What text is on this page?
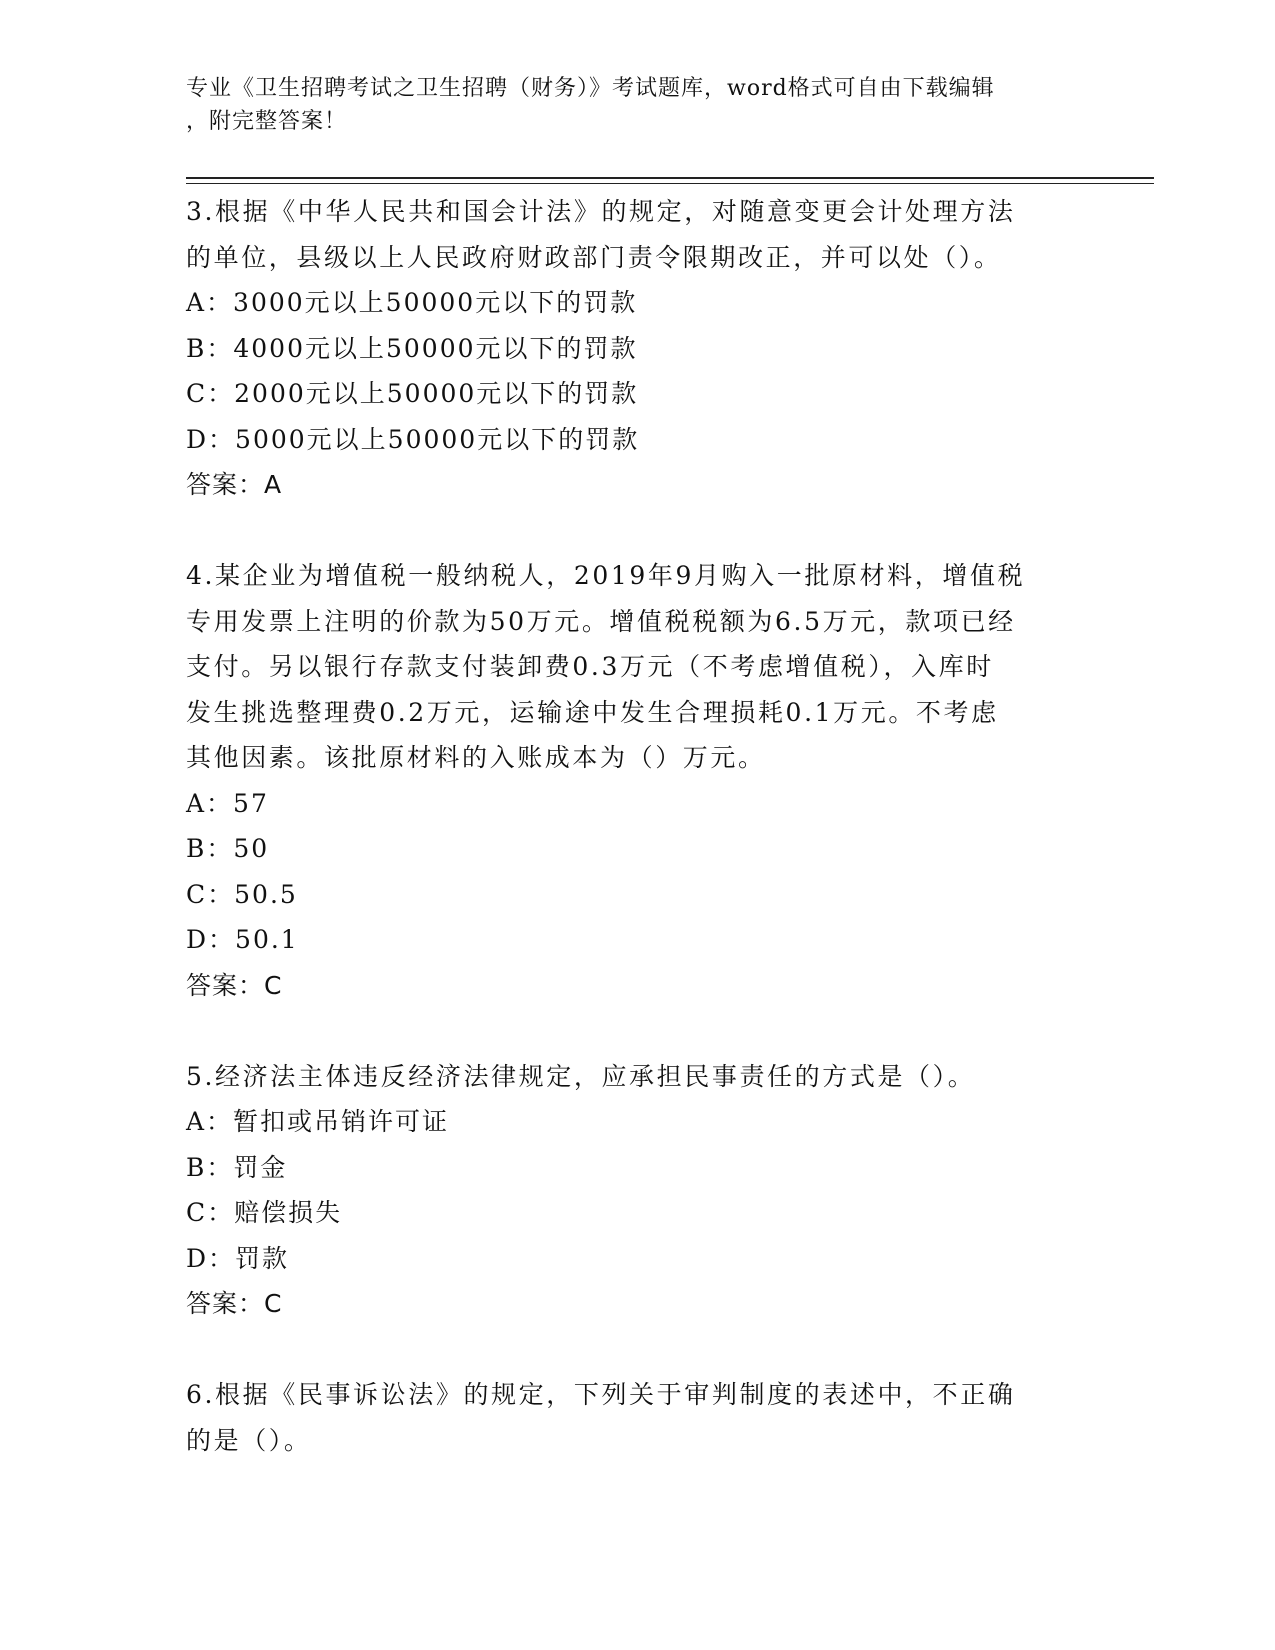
专业《卫生招聘考试之卫生招聘（财务）》考试题库，word格式可自由下载编辑
，附完整答案！
3.根据《中华人民共和国会计法》的规定，对随意变更会计处理方法
的单位，县级以上人民政府财政部门责令限期改正，并可以处（）。
A：3000元以上50000元以下的罚款
B：4000元以上50000元以下的罚款
C：2000元以上50000元以下的罚款
D：5000元以上50000元以下的罚款
答案：A
4.某企业为增值税一般纳税人，2019年9月购入一批原材料，增值税
专用发票上注明的价款为50万元。增值税税额为6.5万元，款项已经
支付。另以银行存款支付装卸费0.3万元（不考虑增值税），入库时
发生挑选整理费0.2万元，运输途中发生合理损耗0.1万元。不考虑
其他因素。该批原材料的入账成本为（）万元。
A：57
B：50
C：50.5
D：50.1
答案：C
5.经济法主体违反经济法律规定，应承担民事责任的方式是（）。
A：暂扣或吊销许可证
B：罚金
C：赔偿损失
D：罚款
答案：C
6.根据《民事诉讼法》的规定，下列关于审判制度的表述中，不正确
的是（）。
